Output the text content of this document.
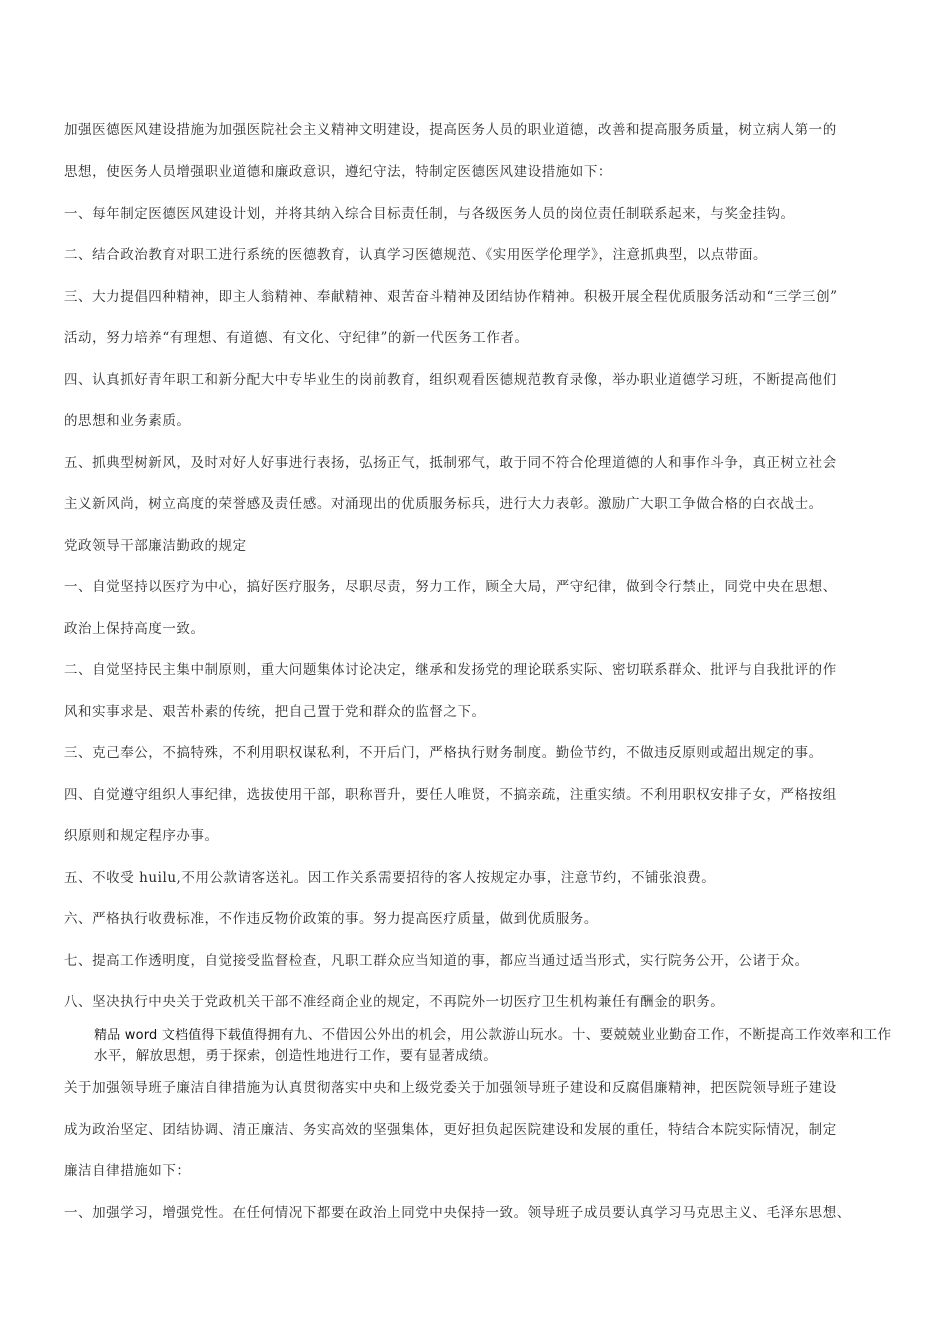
加强医德医风建设措施为加强医院社会主义精神文明建设，提高医务人员的职业道德，改善和提高服务质量，树立病人第一的
思想，使医务人员增强职业道德和廉政意识，遵纪守法，特制定医德医风建设措施如下：
一、每年制定医德医风建设计划，并将其纳入综合目标责任制，与各级医务人员的岗位责任制联系起来，与奖金挂钩。
二、结合政治教育对职工进行系统的医德教育，认真学习医德规范、《实用医学伦理学》，注意抓典型，以点带面。
三、大力提倡四种精神，即主人翁精神、奉献精神、艰苦奋斗精神及团结协作精神。积极开展全程优质服务活动和“三学三创”
活动，努力培养“有理想、有道德、有文化、守纪律”的新一代医务工作者。
四、认真抓好青年职工和新分配大中专毕业生的岗前教育，组织观看医德规范教育录像，举办职业道德学习班，不断提高他们
的思想和业务素质。
五、抓典型树新风，及时对好人好事进行表扬，弘扬正气，抵制邪气，敢于同不符合伦理道德的人和事作斗争，真正树立社会
主义新风尚，树立高度的荣誉感及责任感。对涌现出的优质服务标兵，进行大力表彰。激励广大职工争做合格的白衣战士。
党政领导干部廉洁勤政的规定
一、自觉坚持以医疗为中心，搞好医疗服务，尽职尽责，努力工作，顾全大局，严守纪律，做到令行禁止，同党中央在思想、
政治上保持高度一致。
二、自觉坚持民主集中制原则，重大问题集体讨论决定，继承和发扬党的理论联系实际、密切联系群众、批评与自我批评的作
风和实事求是、艰苦朴素的传统，把自己置于党和群众的监督之下。
三、克己奉公，不搞特殊，不利用职权谋私利，不开后门，严格执行财务制度。勤俭节约，不做违反原则或超出规定的事。
四、自觉遵守组织人事纪律，选拔使用干部，职称晋升，要任人唯贤，不搞亲疏，注重实绩。不利用职权安排子女，严格按组
织原则和规定程序办事。
五、不收受 huilu,不用公款请客送礼。因工作关系需要招待的客人按规定办事，注意节约，不铺张浪费。
六、严格执行收费标准，不作违反物价政策的事。努力提高医疗质量，做到优质服务。
七、提高工作透明度，自觉接受监督检查，凡职工群众应当知道的事，都应当通过适当形式，实行院务公开，公诸于众。
八、坚决执行中央关于党政机关干部不准经商企业的规定，不再院外一切医疗卫生机构兼任有酬金的职务。
精品 word 文档值得下载值得拥有九、不借因公外出的机会，用公款游山玩水。十、要兢兢业业勤奋工作，不断提高工作效率和工作水平，解放思想，勇于探索，创造性地进行工作，要有显著成绩。
关于加强领导班子廉洁自律措施为认真贯彻落实中央和上级党委关于加强领导班子建设和反腐倡廉精神，把医院领导班子建设
成为政治坚定、团结协调、清正廉洁、务实高效的坚强集体，更好担负起医院建设和发展的重任，特结合本院实际情况，制定
廉洁自律措施如下：
一、加强学习，增强党性。在任何情况下都要在政治上同党中央保持一致。领导班子成员要认真学习马克思主义、毛泽东思想、
